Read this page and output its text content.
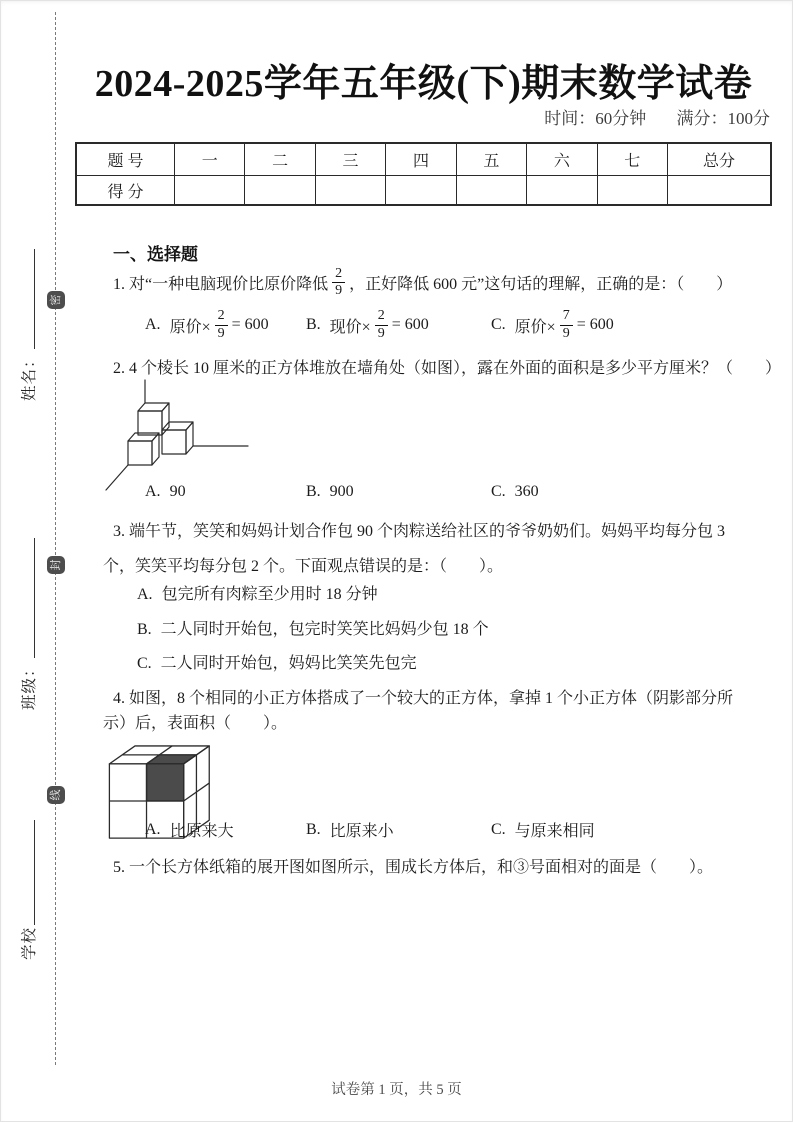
密
封
线
姓名：
班级：
学校
2024-2025学年五年级(下)期末数学试卷
时间：60分钟 满分：100分
题 号	一	二	三	四	五	六	七	总分
得 分								
一、选择题
1. 对“一种电脑现价比原价降低 $\frac{2}{9}$ ，正好降低 600 元”这句话的理解，正确的是：（　　）
A. 原价× $\frac{2}{9} = 600$ B. 现价× $\frac{2}{9} = 600$	C. 原价× $\frac{7}{9} = 600$
2. 4 个棱长 10 厘米的正方体堆放在墙角处（如图），露在外面的面积是多少平方厘米？（　　）
A. 90	B. 900	C. 360
3. 端午节，笑笑和妈妈计划合作包 90 个肉粽送给社区的爷爷奶奶们。妈妈平均每分包 3
个，笑笑平均每分包 2 个。下面观点错误的是：（　　）。
A. 包完所有肉粽至少用时 18 分钟
B. 二人同时开始包，包完时笑笑比妈妈少包 18 个
C. 二人同时开始包，妈妈比笑笑先包完
4. 如图，8 个相同的小正方体搭成了一个较大的正方体，拿掉 1 个小正方体（阴影部分所
示）后，表面积（　　）。
A. 比原来大	B. 比原来小	C. 与原来相同
5. 一个长方体纸箱的展开图如图所示，围成长方体后，和③号面相对的面是（　　）。
试卷第 1 页，共 5 页
